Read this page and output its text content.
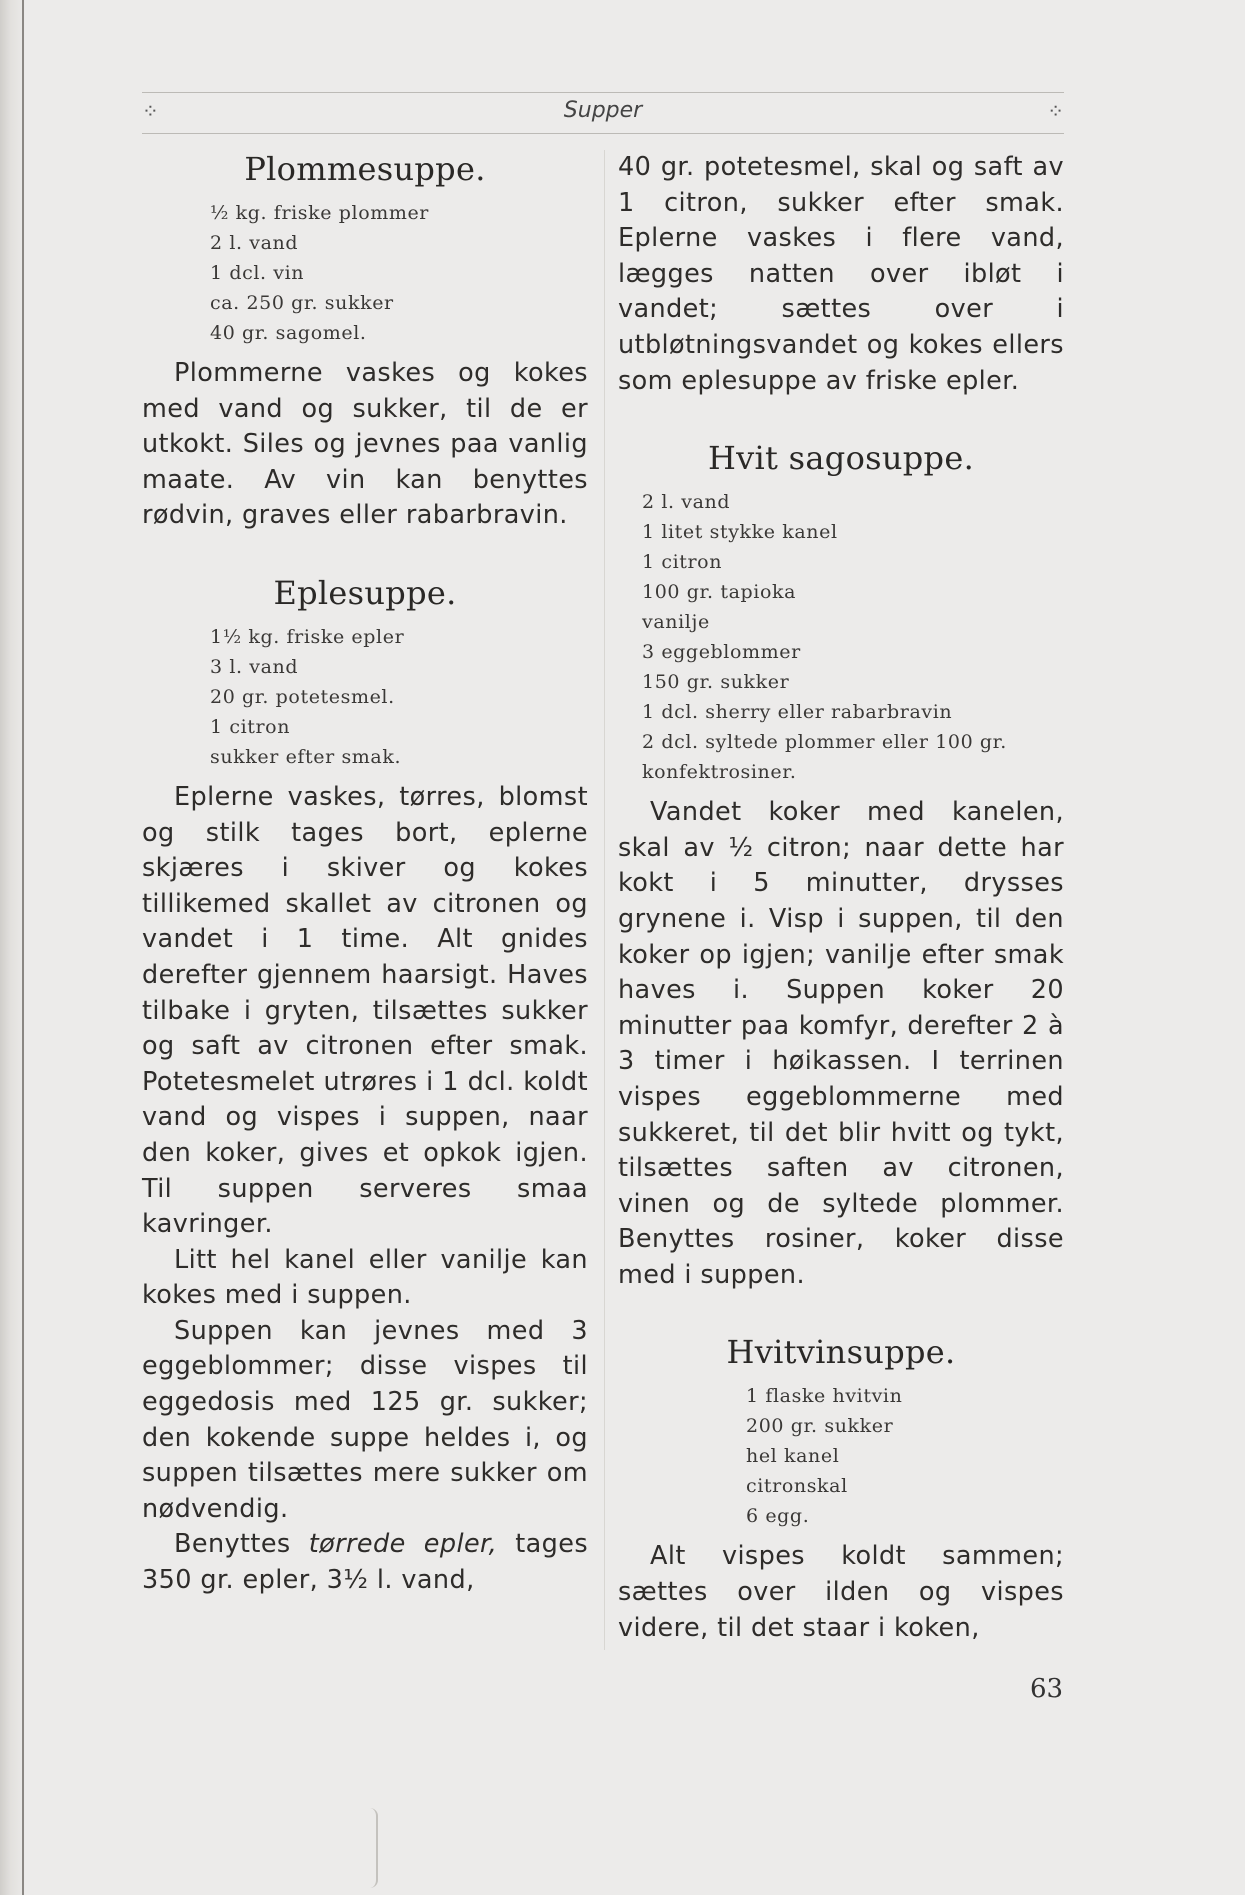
⁘	Supper	⁘
Plommesuppe.
½ kg. friske plommer
2 l. vand
1 dcl. vin
ca. 250 gr. sukker
40 gr. sagomel.

Plommerne vaskes og kokes med vand og sukker, til de er utkokt. Siles og jevnes paa vanlig maate. Av vin kan benyttes rødvin, graves eller rabarbravin.

Eplesuppe.
1½ kg. friske epler
3 l. vand
20 gr. potetesmel.
1 citron
sukker efter smak.

Eplerne vaskes, tørres, blomst og stilk tages bort, eplerne skjæres i skiver og kokes tillikemed skallet av citronen og vandet i 1 time. Alt gnides derefter gjennem haarsigt. Haves tilbake i gryten, tilsættes sukker og saft av citronen efter smak. Potetesmelet utrøres i 1 dcl. koldt vand og vispes i suppen, naar den koker, gives et opkok igjen. Til suppen serveres smaa kavringer.

Litt hel kanel eller vanilje kan kokes med i suppen.

Suppen kan jevnes med 3 eggeblommer; disse vispes til eggedosis med 125 gr. sukker; den kokende suppe heldes i, og suppen tilsættes mere sukker om nødvendig.

Benyttes tørrede epler, tages 350 gr. epler, 3½ l. vand,

40 gr. potetesmel, skal og saft av 1 citron, sukker efter smak. Eplerne vaskes i flere vand, lægges natten over ibløt i vandet; sættes over i utbløtningsvandet og kokes ellers som eplesuppe av friske epler.

Hvit sagosuppe.
2 l. vand
1 litet stykke kanel
1 citron
100 gr. tapioka
vanilje
3 eggeblommer
150 gr. sukker
1 dcl. sherry eller rabarbravin
2 dcl. syltede plommer eller 100 gr. konfektrosiner.

Vandet koker med kanelen, skal av ½ citron; naar dette har kokt i 5 minutter, drysses grynene i. Visp i suppen, til den koker op igjen; vanilje efter smak haves i. Suppen koker 20 minutter paa komfyr, derefter 2 à 3 timer i høikassen. I terrinen vispes eggeblommerne med sukkeret, til det blir hvitt og tykt, tilsættes saften av citronen, vinen og de syltede plommer. Benyttes rosiner, koker disse med i suppen.

Hvitvinsuppe.
1 flaske hvitvin
200 gr. sukker
hel kanel
citronskal
6 egg.

Alt vispes koldt sammen; sættes over ilden og vispes videre, til det staar i koken,

63
